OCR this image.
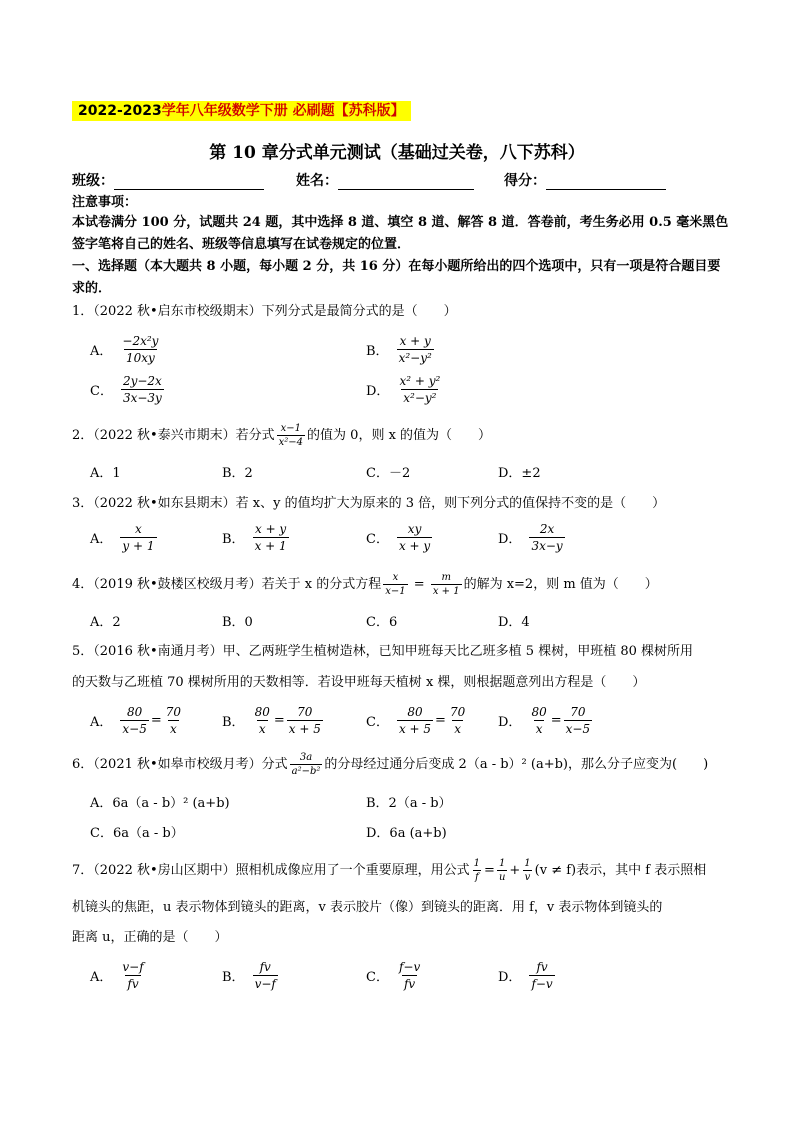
2022-2023学年八年级数学下册 必刷题【苏科版】
第 10 章分式单元测试（基础过关卷，八下苏科）
班级：	姓名：	得分：
注意事项：
本试卷满分 100 分，试题共 24 题，其中选择 8 道、填空 8 道、解答 8 道．答卷前，考生务必用 0.5 毫米黑色签字笔将自己的姓名、班级等信息填写在试卷规定的位置．
一、选择题（本大题共 8 小题，每小题 2 分，共 16 分）在每小题所给出的四个选项中，只有一项是符合题目要求的．
1．（2022 秋•启东市校级期末）下列分式是最简分式的是（　　）
A． $\frac{\text{−2x²y}}{10xy}$	B． $\frac{x + y}{\text{x²−y²}}$
C． $\frac{2y-2x}{3x-3y}$	D． $\frac{\text{x² + y²}}{\text{x²−y²}}$
2．（2022 秋•泰兴市期末）若分式 $\frac{x-1}{\text{x²−4}}$ 的值为 0，则 x 的值为（　　）
A．1	B．2	C．－2	D．±2
3．（2022 秋•如东县期末）若 x、y 的值均扩大为原来的 3 倍，则下列分式的值保持不变的是（　　）
A． $\frac{x}{y + 1}$	B． $\frac{x + y}{x + 1}$	C． $\frac{xy}{x + y}$	D． $\frac{2x}{3x-y}$
4．（2019 秋•鼓楼区校级月考）若关于 x 的分式方程 $\frac{x}{x-1} = \frac{m}{x + 1}$ 的解为 x=2，则 m 值为（　　）
A．2	B．0	C．6	D．4
5．（2016 秋•南通月考）甲、乙两班学生植树造林，已知甲班每天比乙班多植 5 棵树，甲班植 80 棵树所用
的天数与乙班植 70 棵树所用的天数相等．若设甲班每天植树 x 棵，则根据题意列出方程是（　　）
A． $\frac{80}{x-5} = \frac{70}{x}$	B． $\frac{80}{x} = \frac{70}{x + 5}$	C． $\frac{80}{x + 5} = \frac{70}{x}$ D． $\frac{80}{x} = \frac{70}{x-5}$
6．（2021 秋•如皋市校级月考）分式 $\frac{3a}{\text{a²−b²}}$ 的分母经过通分后变成 2（a - b）² (a+b)，那么分子应变为(　　)
A．6a（a - b）² (a+b)	B．2（a - b）
C．6a（a - b）	D．6a (a+b)
7．（2022 秋•房山区期中）照相机成像应用了一个重要原理，用公式 $\frac{1}{f} = \frac{1}{u} + \frac{1}{v} (v \ne f)$表示，其中 f 表示照相
机镜头的焦距，u 表示物体到镜头的距离，v 表示胶片（像）到镜头的距离．用 f，v 表示物体到镜头的
距离 u，正确的是（　　）
A． $\frac{v-f}{fv}$	B． $\frac{fv}{v-f}$	C． $\frac{f-v}{fv}$	D． $\frac{fv}{f-v}$
